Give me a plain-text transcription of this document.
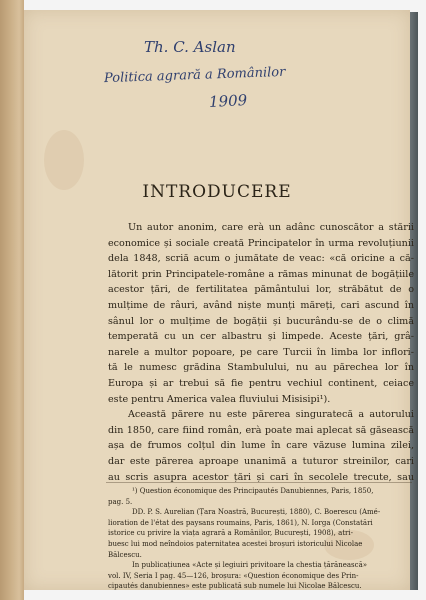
Th. C. Aslan
Politica agrară a Românilor
1909
INTRODUCERE
Un autor anonim, care erà un adânc cunoscător a stării
economice și sociale creată Principatelor în urma revoluțiunii
dela 1848, scriă acum o jumătate de veac: «că oricine a că-
lătorit prin Principatele-române a rămas minunat de bogățiile
acestor țări, de fertilitatea pământului lor, străbătut de o
mulțime de râuri, având niște munți măreți, cari ascund în
sânul lor o mulțime de bogății și bucurându-se de o climă
temperată cu un cer albastru și limpede. Aceste țări, grâ-
narele a multor popoare, pe care Turcii în limba lor inflori-
tă le numesc grădina Stambulului, nu au părechea lor în
Europa și ar trebui să fie pentru vechiul continent, ceiace
este pentru America valea fluviului Misisipi¹).
Această părere nu este părerea singuratecă a autorului
din 1850, care fiind român, erà poate mai aplecat să găsească
așa de frumos colțul din lume în care văzuse lumina zilei,
dar este părerea aproape unanimă a tuturor streinilor, cari
au scris asupra acestor țări și cari în secolele trecute, sau
¹) Question économique des Principautés Danubiennes, Paris, 1850,
pag. 5.
DD. P. S. Aurelian (Țara Noastră, București, 1880), C. Boerescu (Amé-
lioration de l'état des paysans roumains, Paris, 1861), N. Iorga (Constatări
istorice cu privire la viața agrară a Românilor, București, 1908), atri-
buesc lui mod neîndoios paternitatea acestei broșuri istoricului Nicolae
Bălcescu.
In publicațiunea «Acte și legiuiri privitoare la chestia țărănească»
vol. IV, Seria I pag. 45—126, broșura: «Question économique des Prin-
cipautés danubiennes» este publicată sub numele lui Nicolae Bălcescu.
